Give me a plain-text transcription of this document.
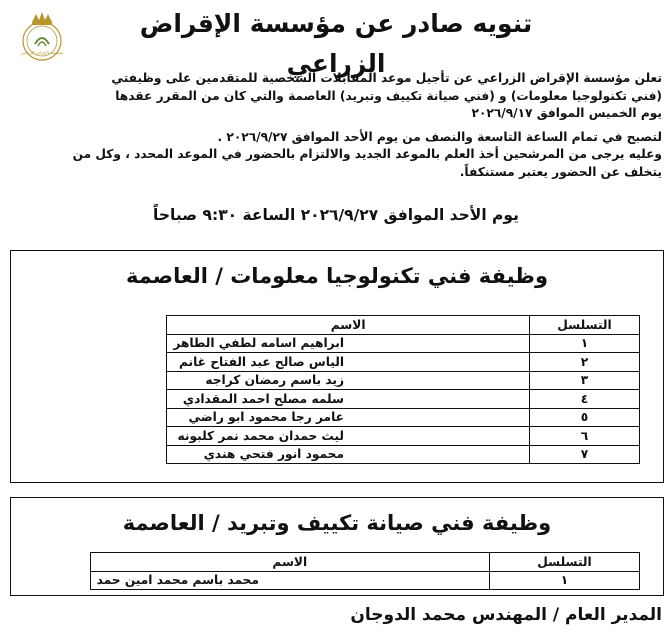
تنويه صادر عن مؤسسة الإقراض الزراعي
مؤسسة الإقراض الزراعي

تعلن مؤسسة الإقراض الزراعي عن تأجيل موعد المقابلات الشخصية للمتقدمين على وظيفتي

(فني تكنولوجيا معلومات) و (فني صيانة تكييف وتبريد) العاصمة والتي كان من المقرر عقدها

يوم الخميس الموافق ٢٠٢٦/٩/١٧

لتصبح في تمام الساعة التاسعة والنصف من يوم الأحد الموافق ٢٠٢٦/٩/٢٧ .

وعليه يرجى من المرشحين أخذ العلم بالموعد الجديد والالتزام بالحضور في الموعد المحدد ، وكل من

يتخلف عن الحضور يعتبر مستنكفاً.

يوم الأحد الموافق ٢٠٢٦/٩/٢٧ الساعة ٩:٣٠ صباحاً
وظيفة فني تكنولوجيا معلومات / العاصمة
التسلسل	الاسم
١	ابراهيم اسامه لطفي الطاهر
٢	الياس صالح عبد الفتاح غانم
٣	زيد باسم رمضان كراجه
٤	سلمه مصلح احمد المقدادي
٥	عامر رجا محمود ابو راضي
٦	ليث حمدان محمد نمر كلبونه
٧	محمود انور فتحي هندي
وظيفة فني صيانة تكييف وتبريد / العاصمة
التسلسل	الاسم
١	محمد باسم محمد امين حمد
المدير العام / المهندس محمد الدوجان
